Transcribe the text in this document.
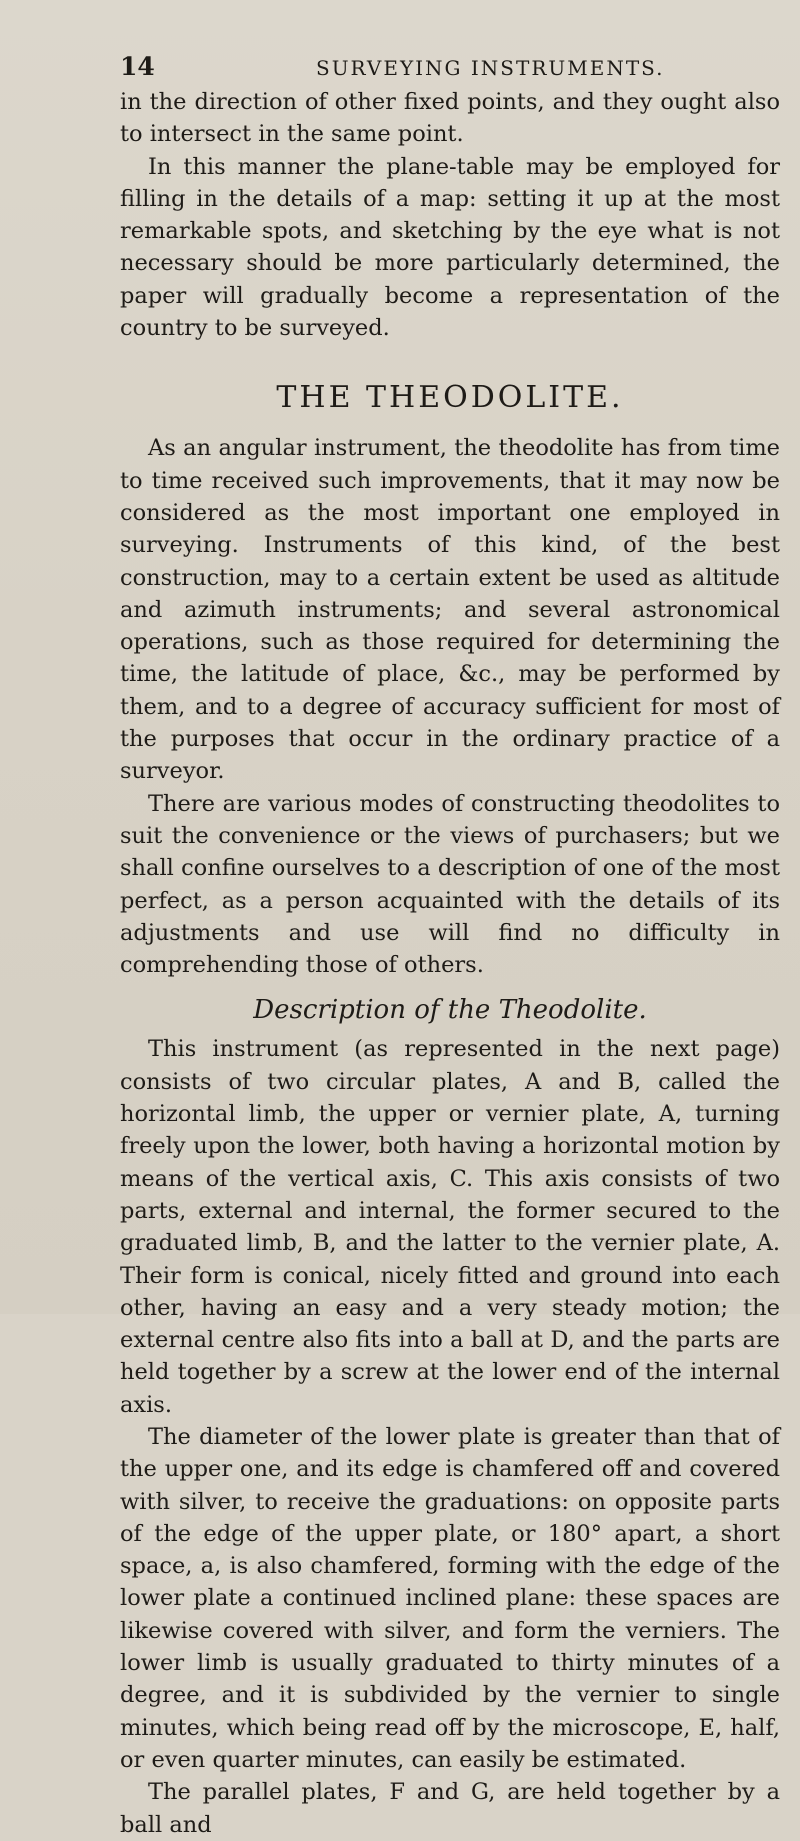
14	SURVEYING INSTRUMENTS.

in the direction of other fixed points, and they ought also to intersect in the same point.

In this manner the plane-table may be employed for filling in the details of a map: setting it up at the most remarkable spots, and sketching by the eye what is not necessary should be more particularly determined, the paper will gradually become a representation of the country to be surveyed.

THE THEODOLITE.

As an angular instrument, the theodolite has from time to time received such improvements, that it may now be considered as the most important one employed in surveying. Instruments of this kind, of the best construction, may to a certain extent be used as altitude and azimuth instruments; and several astronomical operations, such as those required for determining the time, the latitude of place, &c., may be performed by them, and to a degree of accuracy sufficient for most of the purposes that occur in the ordinary practice of a surveyor.

There are various modes of constructing theodolites to suit the convenience or the views of purchasers; but we shall confine ourselves to a description of one of the most perfect, as a person acquainted with the details of its adjustments and use will find no difficulty in comprehending those of others.

Description of the Theodolite.

This instrument (as represented in the next page) consists of two circular plates, A and B, called the horizontal limb, the upper or vernier plate, A, turning freely upon the lower, both having a horizontal motion by means of the vertical axis, C. This axis consists of two parts, external and internal, the former secured to the graduated limb, B, and the latter to the vernier plate, A. Their form is conical, nicely fitted and ground into each other, having an easy and a very steady motion; the external centre also fits into a ball at D, and the parts are held together by a screw at the lower end of the internal axis.

The diameter of the lower plate is greater than that of the upper one, and its edge is chamfered off and covered with silver, to receive the graduations: on opposite parts of the edge of the upper plate, or 180° apart, a short space, a, is also chamfered, forming with the edge of the lower plate a continued inclined plane: these spaces are likewise covered with silver, and form the verniers. The lower limb is usually graduated to thirty minutes of a degree, and it is subdivided by the vernier to single minutes, which being read off by the microscope, E, half, or even quarter minutes, can easily be estimated.

The parallel plates, F and G, are held together by a ball and
